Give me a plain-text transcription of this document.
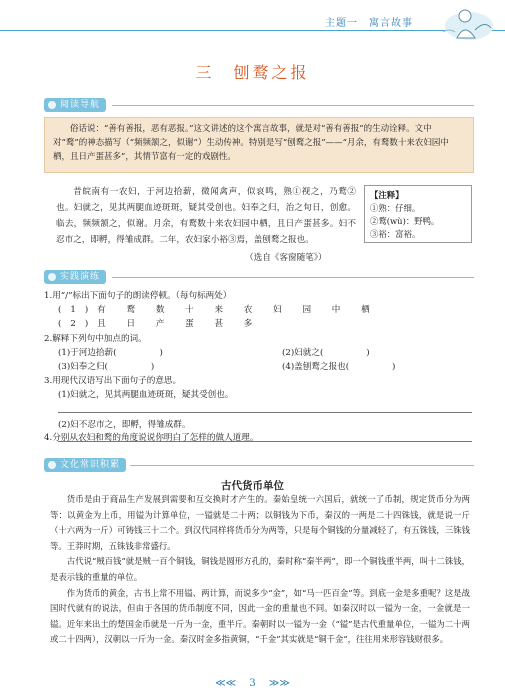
主题一　寓言故事
三　刨鹜之报
阅读导航
俗话说：“善有善报，恶有恶报。”这文讲述的这个寓言故事，就是对“善有善报”的生动诠释。文中对“鹜”的神态描写（“频频颔之，似谢”）生动传神。特别是写“刨鹜之报”——“月余，有鹜数十来农妇园中栖，且日产蛋甚多”，其情节富有一定的戏剧性。
昔皖南有一农妇，于河边拾薪，微闻禽声，似哀鸣，熟①视之，乃鹜②也。妇就之，见其两腿血迹斑斑，疑其受创也。妇奉之归，治之旬日，创愈。临去，频频颔之，似谢。月余，有鹜数十来农妇园中栖，且日产蛋甚多。妇不忍市之，即孵，得雏成群。二年，农妇家小裕③焉，盖刨鹜之报也。
（选自《客窗随笔》）
【注释】
①熟：仔细。
②鹜(wù)：野鸭。
③裕：富裕。
实践演练
1.用“/”标出下面句子的朗读停顿。（每句标两处）
(1)有 鹜 数 十 来 农 妇 园 中 栖
(2)且 日 产 蛋 甚 多
2.解释下列句中加点的词。
(1)于河边拾薪(　　　　　)	(2)妇就之(　　　　　)
(3)妇奉之归(　　　　　)	(4)盖刨鹜之报也(　　　　　)
3.用现代汉语写出下面句子的意思。
(1)妇就之，见其两腿血迹斑斑，疑其受创也。
(2)妇不忍市之，即孵，得雏成群。
4.分别从农妇和鹜的角度说说你明白了怎样的做人道理。
文化常识积累
古代货币单位

货币是由于商品生产发展到需要和互交换时才产生的。秦始皇统一六国后，就统一了币制，规定货币分为两等：以黄金为上币，用镒为计算单位，一镒就是二十两；以铜钱为下币，秦汉的一两是二十四铢钱，就是说一斤（十六两为一斤）可铸钱三十二个。到汉代同样将货币分为两等，只是每个铜钱的分量减轻了，有五铢钱，三铢钱等。王莽时期，五铢钱非常盛行。

古代说“贼百钱”就是贼一百个铜钱，铜钱是圆形方孔的，秦时称“秦半两”，即一个铜钱重半两，叫十二铢钱，是表示钱的重量的单位。

作为货币的黄金，古书上常不用镒、两计算，而说多少“金”，如“马一匹百金”等。到底一金是多重呢？这是战国时代就有的说法，但由于各国的货币制度不同，因此一金的重量也不同。如秦汉时以一镒为一金，一金就是一镒。近年来出土的楚国金币就是一斤为一金，重半斤。秦朝时以一镒为一金（“镒”是古代重量单位，一镒为二十两或二十四两），汉朝以一斤为一金。秦汉时金多指黄铜，“千金”其实就是“铜千金”，往往用来形容钱财很多。

≪≪  3  ≫≫
